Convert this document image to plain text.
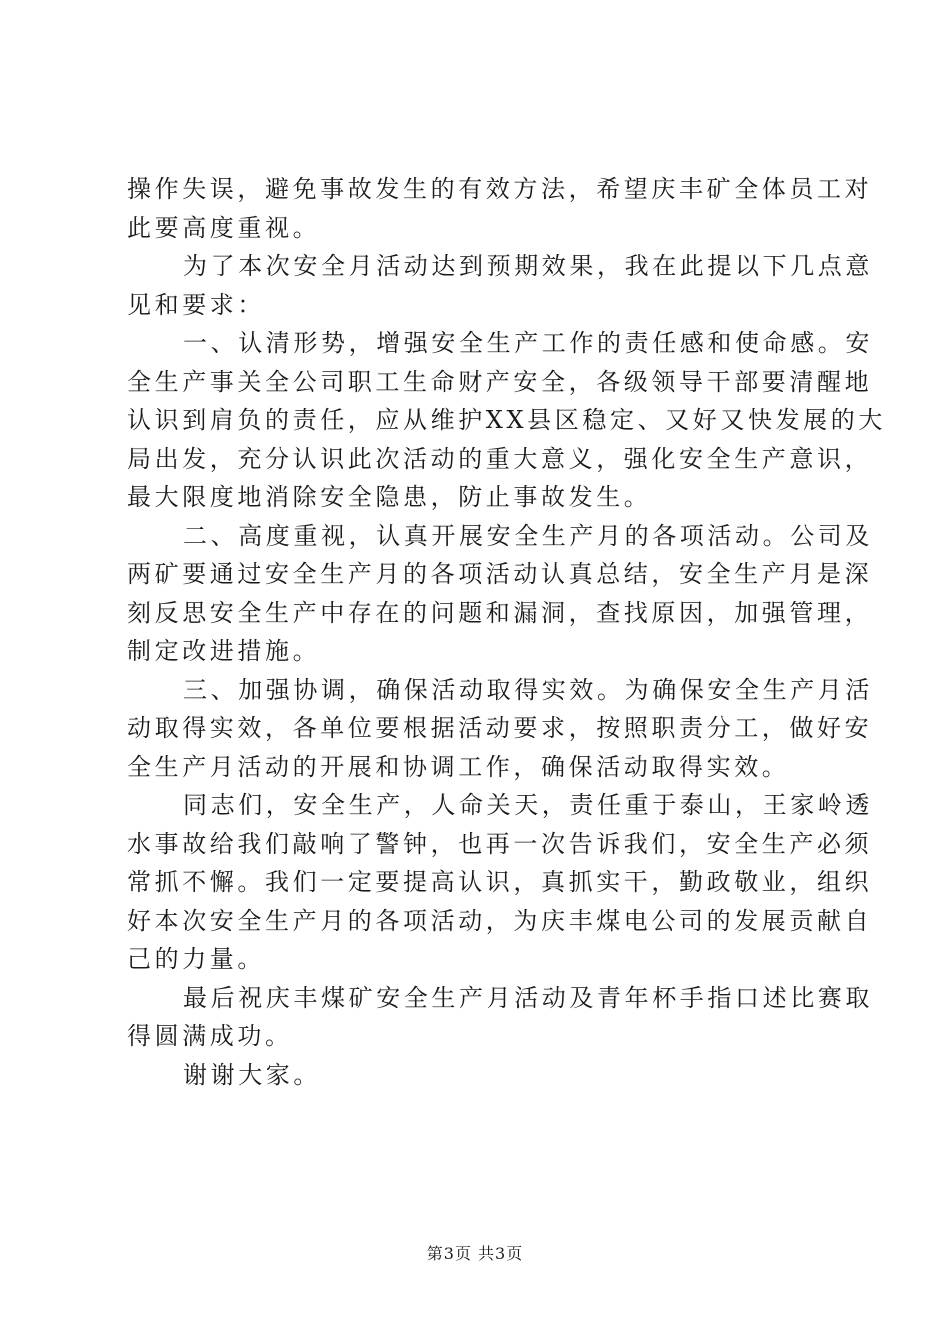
操作失误，避免事故发生的有效方法，希望庆丰矿全体员工对
此要高度重视。
为了本次安全月活动达到预期效果，我在此提以下几点意
见和要求：
一、认清形势，增强安全生产工作的责任感和使命感。安
全生产事关全公司职工生命财产安全，各级领导干部要清醒地
认识到肩负的责任，应从维护XX县区稳定、又好又快发展的大
局出发，充分认识此次活动的重大意义，强化安全生产意识，
最大限度地消除安全隐患，防止事故发生。
二、高度重视，认真开展安全生产月的各项活动。公司及
两矿要通过安全生产月的各项活动认真总结，安全生产月是深
刻反思安全生产中存在的问题和漏洞，查找原因，加强管理，
制定改进措施。
三、加强协调，确保活动取得实效。为确保安全生产月活
动取得实效，各单位要根据活动要求，按照职责分工，做好安
全生产月活动的开展和协调工作，确保活动取得实效。
同志们，安全生产，人命关天，责任重于泰山，王家岭透
水事故给我们敲响了警钟，也再一次告诉我们，安全生产必须
常抓不懈。我们一定要提高认识，真抓实干，勤政敬业，组织
好本次安全生产月的各项活动，为庆丰煤电公司的发展贡献自
己的力量。
最后祝庆丰煤矿安全生产月活动及青年杯手指口述比赛取
得圆满成功。
谢谢大家。
第3页 共3页
